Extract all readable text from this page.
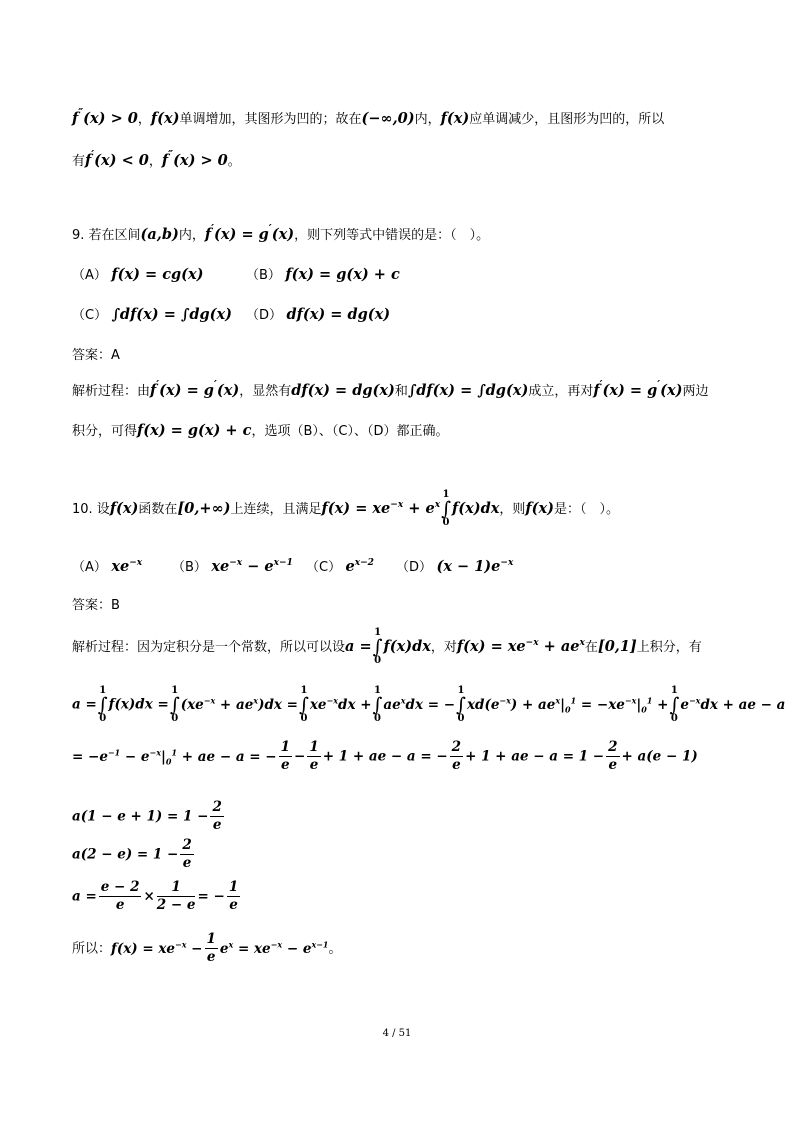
f″(x) > 0，f(x)单调增加，其图形为凹的；故在(−∞,0)内，f(x)应单调减少，且图形为凹的，所以
有f′(x) < 0，f″(x) > 0。
9. 若在区间(a,b)内，f′(x) = g′(x)，则下列等式中错误的是：（　）。
（A） f(x) = cg(x)	（B） f(x) = g(x) + c
（C） ∫df(x) = ∫dg(x) （D） df(x) = dg(x)
答案：A
解析过程：由f′(x) = g′(x)，显然有df(x) = dg(x)和∫df(x) = ∫dg(x)成立，再对f′(x) = g′(x)两边
积分，可得f(x) = g(x) + c，选项（B）、（C）、（D）都正确。
10. 设f(x)函数在[0,+∞)上连续，且满足$f(x) = xe^{-x} + e^x$
1
∫
0
f(x)dx，则f(x)是：（　）。
（A） $xe^{-x}$ （B） $xe^{-x} - e^{x-1}$ （C） $e^{x-2}$ （D） $(x - 1)e^{-x}$
答案：B
解析过程：因为定积分是一个常数，所以可以设a =
1
∫
0
f(x)dx，对$f(x) = xe^{-x} + ae^x$在[0,1]上积分，有
a =
1
∫
0
f(x)dx =
1
∫
0
$(xe^{-x} + ae^x)dx$ =
1
∫
0
$xe^{-x}dx$ +
1
∫
0
$ae^xdx$ = −
1
∫
0
$xd(e^{-x}) + ae^x|_0^1 = -xe^{-x}|_0^1$ +
1
∫
0
$e^{-x}dx$ + ae − a
= $-e^{-1} - e^{-x}|_0^1$ + ae − a = − $\frac{1}{e} - \frac{1}{e} + 1$ + ae − a = − $\frac{2}{e} + 1$ + ae − $a = 1 - \frac{2}{e} + a(e - 1)$
$a(1 - e + 1) = 1 - \frac{2}{e}$
$a(2 - e) = 1 - \frac{2}{e}$
$a = \frac{e - 2}{e} \times \frac{1}{2 - e}$ = − $\frac{1}{e}$
所以：$f(x) = xe^{-x} - \frac{1}{e} e^x = xe^{-x} - e^{x-1}$。
4 / 51
